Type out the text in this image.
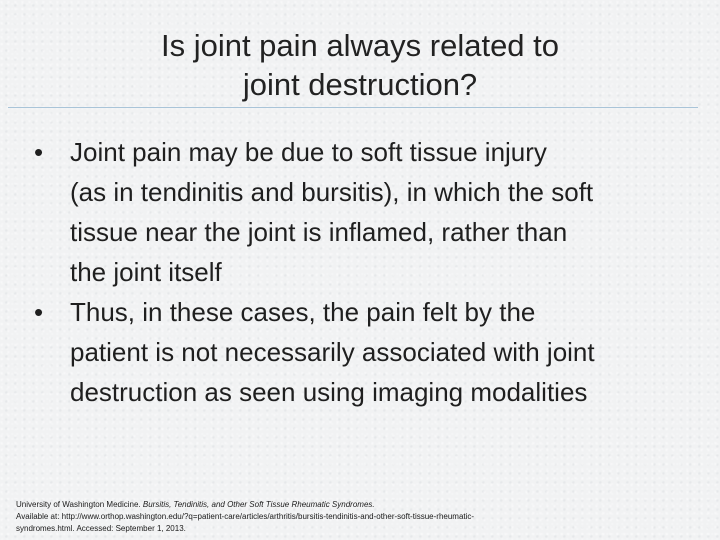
Is joint pain always related to
joint destruction?
•	Joint pain may be due to soft tissue injury
(as in tendinitis and bursitis), in which the soft
tissue near the joint is inflamed, rather than
the joint itself
•	Thus, in these cases, the pain felt by the
patient is not necessarily associated with joint
destruction as seen using imaging modalities
University of Washington Medicine. Bursitis, Tendinitis, and Other Soft Tissue Rheumatic Syndromes.
Available at: http://www.orthop.washington.edu/?q=patient-care/articles/arthritis/bursitis-tendinitis-and-other-soft-tissue-rheumatic-
syndromes.html. Accessed: September 1, 2013.
